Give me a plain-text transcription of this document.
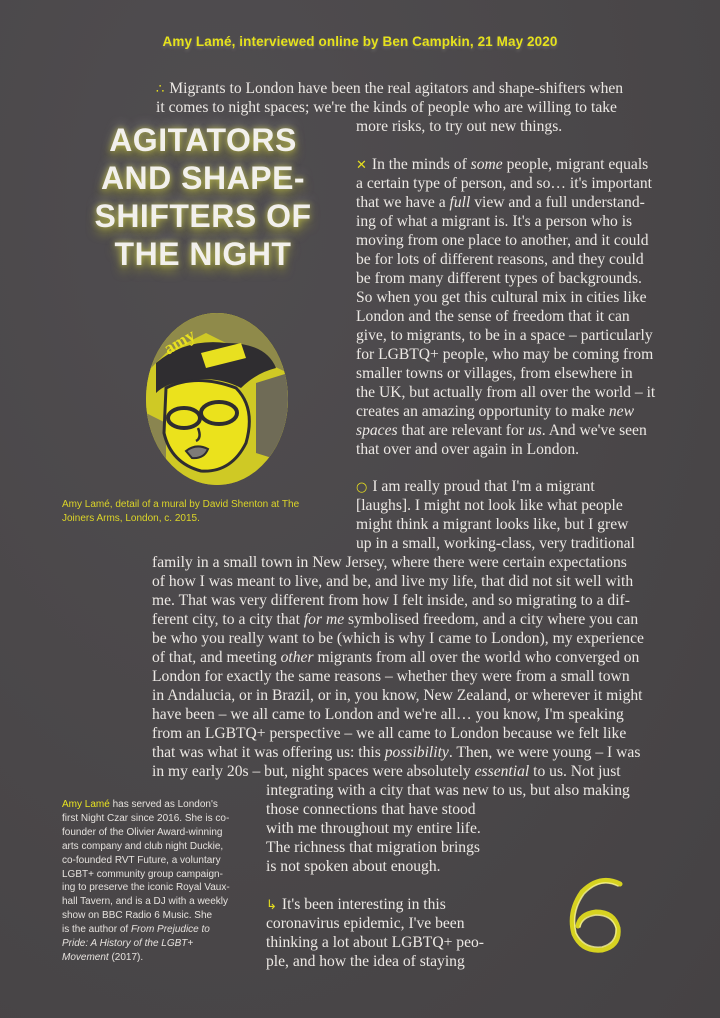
Amy Lamé, interviewed online by Ben Campkin, 21 May 2020
∴ Migrants to London have been the real agitators and shape-shifters when
it comes to night spaces; we're the kinds of people who are willing to take
more risks, to try out new things.
AGITATORS
AND SHAPE-
SHIFTERS OF
THE NIGHT
✕ In the minds of some people, migrant equals
a certain type of person, and so… it's important
that we have a full view and a full understand-
ing of what a migrant is. It's a person who is
moving from one place to another, and it could
be for lots of different reasons, and they could
be from many different types of backgrounds.
So when you get this cultural mix in cities like
London and the sense of freedom that it can
give, to migrants, to be in a space – particularly
for LGBTQ+ people, who may be coming from
smaller towns or villages, from elsewhere in
the UK, but actually from all over the world – it
creates an amazing opportunity to make new
spaces that are relevant for us. And we've seen
that over and over again in London.
amy
Amy Lamé, detail of a mural by David Shenton at The
Joiners Arms, London, c. 2015.
○ I am really proud that I'm a migrant
[laughs]. I might not look like what people
might think a migrant looks like, but I grew
up in a small, working-class, very traditional
family in a small town in New Jersey, where there were certain expectations
of how I was meant to live, and be, and live my life, that did not sit well with
me. That was very different from how I felt inside, and so migrating to a dif-
ferent city, to a city that for me symbolised freedom, and a city where you can
be who you really want to be (which is why I came to London), my experience
of that, and meeting other migrants from all over the world who converged on
London for exactly the same reasons – whether they were from a small town
in Andalucia, or in Brazil, or in, you know, New Zealand, or wherever it might
have been – we all came to London and we're all… you know, I'm speaking
from an LGBTQ+ perspective – we all came to London because we felt like
that was what it was offering us: this possibility. Then, we were young – I was
in my early 20s – but, night spaces were absolutely essential to us. Not just
integrating with a city that was new to us, but also making
those connections that have stood
with me throughout my entire life.
The richness that migration brings
is not spoken about enough.
Amy Lamé has served as London's
first Night Czar since 2016. She is co-
founder of the Olivier Award-winning
arts company and club night Duckie,
co-founded RVT Future, a voluntary
LGBT+ community group campaign-
ing to preserve the iconic Royal Vaux-
hall Tavern, and is a DJ with a weekly
show on BBC Radio 6 Music. She
is the author of From Prejudice to
Pride: A History of the LGBT+
Movement (2017).
↳ It's been interesting in this
coronavirus epidemic, I've been
thinking a lot about LGBTQ+ peo-
ple, and how the idea of staying
